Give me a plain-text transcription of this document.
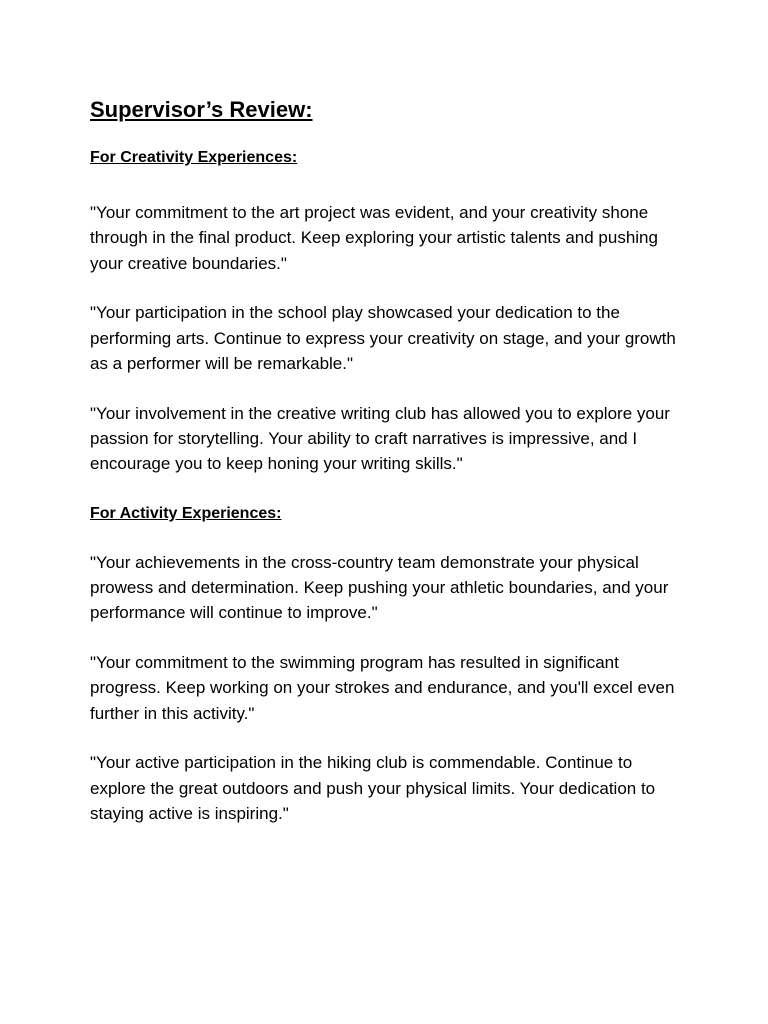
Supervisor’s Review:
For Creativity Experiences:

"Your commitment to the art project was evident, and your creativity shone through in the final product. Keep exploring your artistic talents and pushing your creative boundaries."

"Your participation in the school play showcased your dedication to the performing arts. Continue to express your creativity on stage, and your growth as a performer will be remarkable."

"Your involvement in the creative writing club has allowed you to explore your passion for storytelling. Your ability to craft narratives is impressive, and I encourage you to keep honing your writing skills."

For Activity Experiences:

"Your achievements in the cross-country team demonstrate your physical prowess and determination. Keep pushing your athletic boundaries, and your performance will continue to improve."

"Your commitment to the swimming program has resulted in significant progress. Keep working on your strokes and endurance, and you'll excel even further in this activity."

"Your active participation in the hiking club is commendable. Continue to explore the great outdoors and push your physical limits. Your dedication to staying active is inspiring."
